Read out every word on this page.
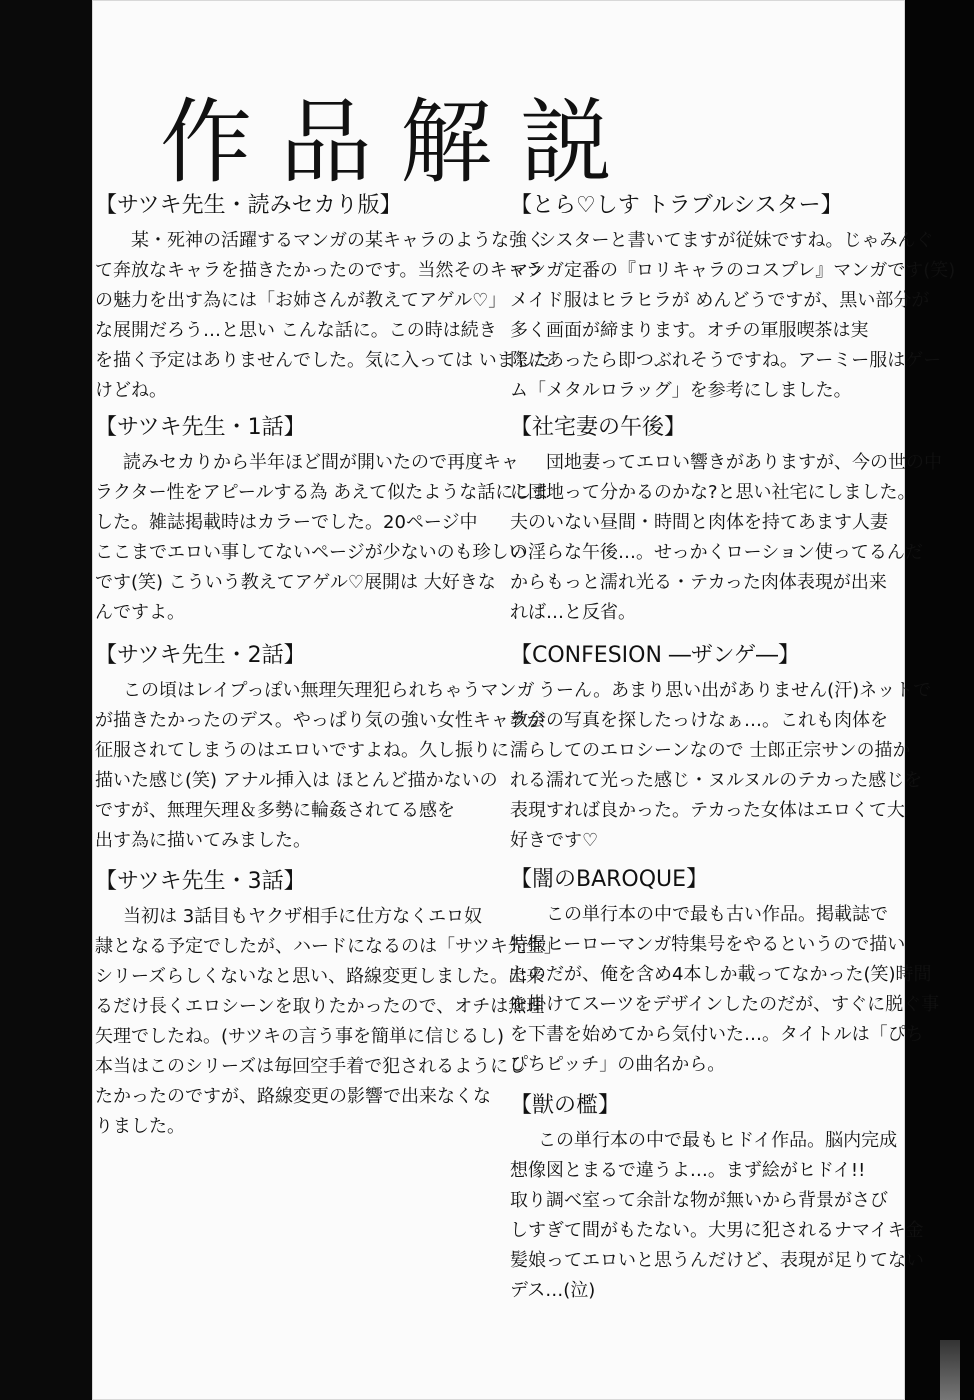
作品解説
【サツキ先生・読みセカり版】
某・死神の活躍するマンガの某キャラのような強く
て奔放なキャラを描きたかったのです。当然そのキャラ
の魅力を出す為には「お姉さんが教えてアゲル♡」
な展開だろう…と思い こんな話に。この時は続き
を描く予定はありませんでした。気に入っては いました
けどね。
【サツキ先生・1話】
読みセカりから半年ほど間が開いたので再度キャ
ラクター性をアピールする為 あえて似たような話にしま
した。雑誌掲載時はカラーでした。20ページ中
ここまでエロい事してないページが少ないのも珍しい
です(笑) こういう教えてアゲル♡展開は 大好きな
んですよ。
【サツキ先生・2話】
この頃はレイプっぽい無理矢理犯られちゃうマンガ
が描きたかったのデス。やっぱり気の強い女性キャラが
征服されてしまうのはエロいですよね。久し振りに
描いた感じ(笑) アナル挿入は ほとんど描かないの
ですが、無理矢理＆多勢に輪姦されてる感を
出す為に描いてみました。
【サツキ先生・3話】
当初は 3話目もヤクザ相手に仕方なくエロ奴
隷となる予定でしたが、ハードになるのは「サツキ先生」
シリーズらしくないなと思い、路線変更しました。出来
るだけ長くエロシーンを取りたかったので、オチは無理
矢理でしたね。(サツキの言う事を簡単に信じるし)
本当はこのシリーズは毎回空手着で犯されるようにし
たかったのですが、路線変更の影響で出来なくな
りました。
【とら♡しす トラブルシスター】
シスターと書いてますが従妹ですね。じゃみんぐ
マンガ定番の『ロリキャラのコスプレ』マンガです(笑)
メイド服はヒラヒラが めんどうですが、黒い部分が
多く画面が締まります。オチの軍服喫茶は実
際にあったら即つぶれそうですね。アーミー服はゲー
ム「メタルロラッグ」を参考にしました。
【社宅妻の午後】
団地妻ってエロい響きがありますが、今の世の中
に団地って分かるのかな?と思い社宅にしました。
夫のいない昼間・時間と肉体を持てあます人妻
の淫らな午後…。せっかくローション使ってるんだ
からもっと濡れ光る・テカった肉体表現が出来
れば…と反省。
【CONFESION ―ザンゲ―】
うーん。あまり思い出がありません(汗)ネットで
教会の写真を探したっけなぁ…。これも肉体を
濡らしてのエロシーンなので 士郎正宗サンの描か
れる濡れて光った感じ・ヌルヌルのテカった感じを
表現すれば良かった。テカった女体はエロくて大
好きです♡
【闇のBAROQUE】
この単行本の中で最も古い作品。掲載誌で
特撮ヒーローマンガ特集号をやるというので描い
たのだが、俺を含め4本しか載ってなかった(笑)時間
を掛けてスーツをデザインしたのだが、すぐに脱ぐ事
を下書を始めてから気付いた…。タイトルは「ぴち
ぴちピッチ」の曲名から。
【獣の檻】
この単行本の中で最もヒドイ作品。脳内完成
想像図とまるで違うよ…。まず絵がヒドイ!!
取り調べ室って余計な物が無いから背景がさび
しすぎて間がもたない。大男に犯されるナマイキ金
髪娘ってエロいと思うんだけど、表現が足りてない
デス…(泣)
